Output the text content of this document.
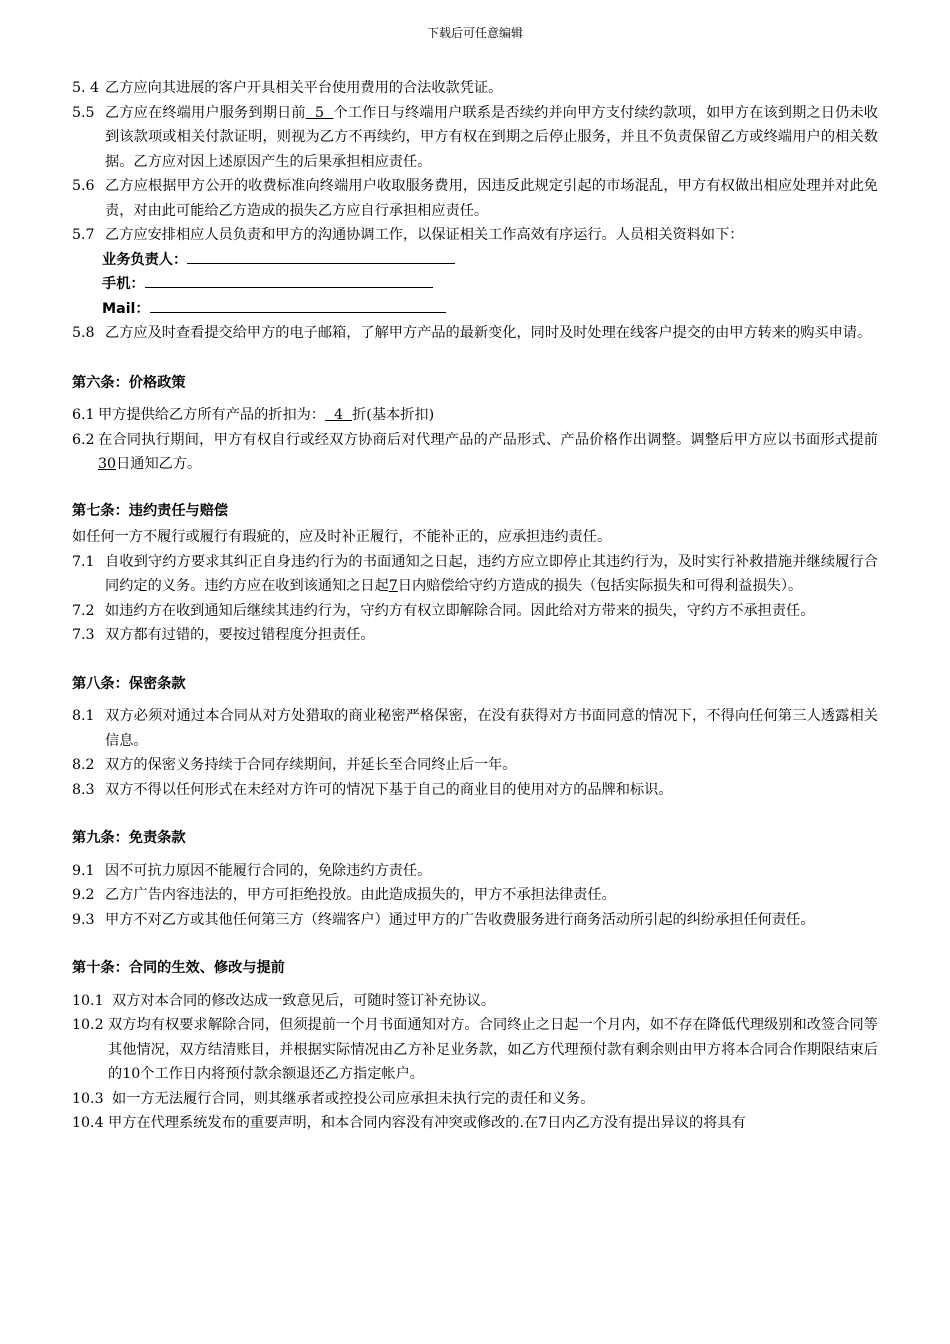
下载后可任意编辑
5. 4 乙方应向其进展的客户开具相关平台使用费用的合法收款凭证。
5.5 乙方应在终端用户服务到期日前  5  个工作日与终端用户联系是否续约并向甲方支付续约款项，如甲方在该到期之日仍未收到该款项或相关付款证明，则视为乙方不再续约，甲方有权在到期之后停止服务，并且不负责保留乙方或终端用户的相关数据。乙方应对因上述原因产生的后果承担相应责任。
5.6 乙方应根据甲方公开的收费标准向终端用户收取服务费用，因违反此规定引起的市场混乱，甲方有权做出相应处理并对此免责，对由此可能给乙方造成的损失乙方应自行承担相应责任。
5.7 乙方应安排相应人员负责和甲方的沟通协调工作，以保证相关工作高效有序运行。人员相关资料如下：
业务负责人：
手机：
Mail：
5.8 乙方应及时查看提交给甲方的电子邮箱，了解甲方产品的最新变化，同时及时处理在线客户提交的由甲方转来的购买申请。
第六条：价格政策
6.1 甲方提供给乙方所有产品的折扣为：  4  折(基本折扣)
6.2 在合同执行期间，甲方有权自行或经双方协商后对代理产品的产品形式、产品价格作出调整。调整后甲方应以书面形式提前30日通知乙方。
第七条：违约责任与赔偿
如任何一方不履行或履行有瑕疵的，应及时补正履行，不能补正的，应承担违约责任。
7.1 自收到守约方要求其纠正自身违约行为的书面通知之日起，违约方应立即停止其违约行为，及时实行补救措施并继续履行合同约定的义务。违约方应在收到该通知之日起7日内赔偿给守约方造成的损失（包括实际损失和可得利益损失）。
7.2 如违约方在收到通知后继续其违约行为，守约方有权立即解除合同。因此给对方带来的损失，守约方不承担责任。
7.3 双方都有过错的，要按过错程度分担责任。
第八条：保密条款
8.1 双方必须对通过本合同从对方处猎取的商业秘密严格保密，在没有获得对方书面同意的情况下，不得向任何第三人透露相关信息。
8.2 双方的保密义务持续于合同存续期间，并延长至合同终止后一年。
8.3 双方不得以任何形式在未经对方许可的情况下基于自己的商业目的使用对方的品牌和标识。
第九条：免责条款
9.1 因不可抗力原因不能履行合同的，免除违约方责任。
9.2 乙方广告内容违法的，甲方可拒绝投放。由此造成损失的，甲方不承担法律责任。
9.3 甲方不对乙方或其他任何第三方（终端客户）通过甲方的广告收费服务进行商务活动所引起的纠纷承担任何责任。
第十条：合同的生效、修改与提前
10.1 双方对本合同的修改达成一致意见后，可随时签订补充协议。
10.2 双方均有权要求解除合同，但须提前一个月书面通知对方。合同终止之日起一个月内，如不存在降低代理级别和改签合同等其他情况，双方结清账目，并根据实际情况由乙方补足业务款，如乙方代理预付款有剩余则由甲方将本合同合作期限结束后的10个工作日内将预付款余额退还乙方指定帐户。
10.3 如一方无法履行合同，则其继承者或控投公司应承担未执行完的责任和义务。
10.4 甲方在代理系统发布的重要声明，和本合同内容没有冲突或修改的.在7日内乙方没有提出异议的将具有
